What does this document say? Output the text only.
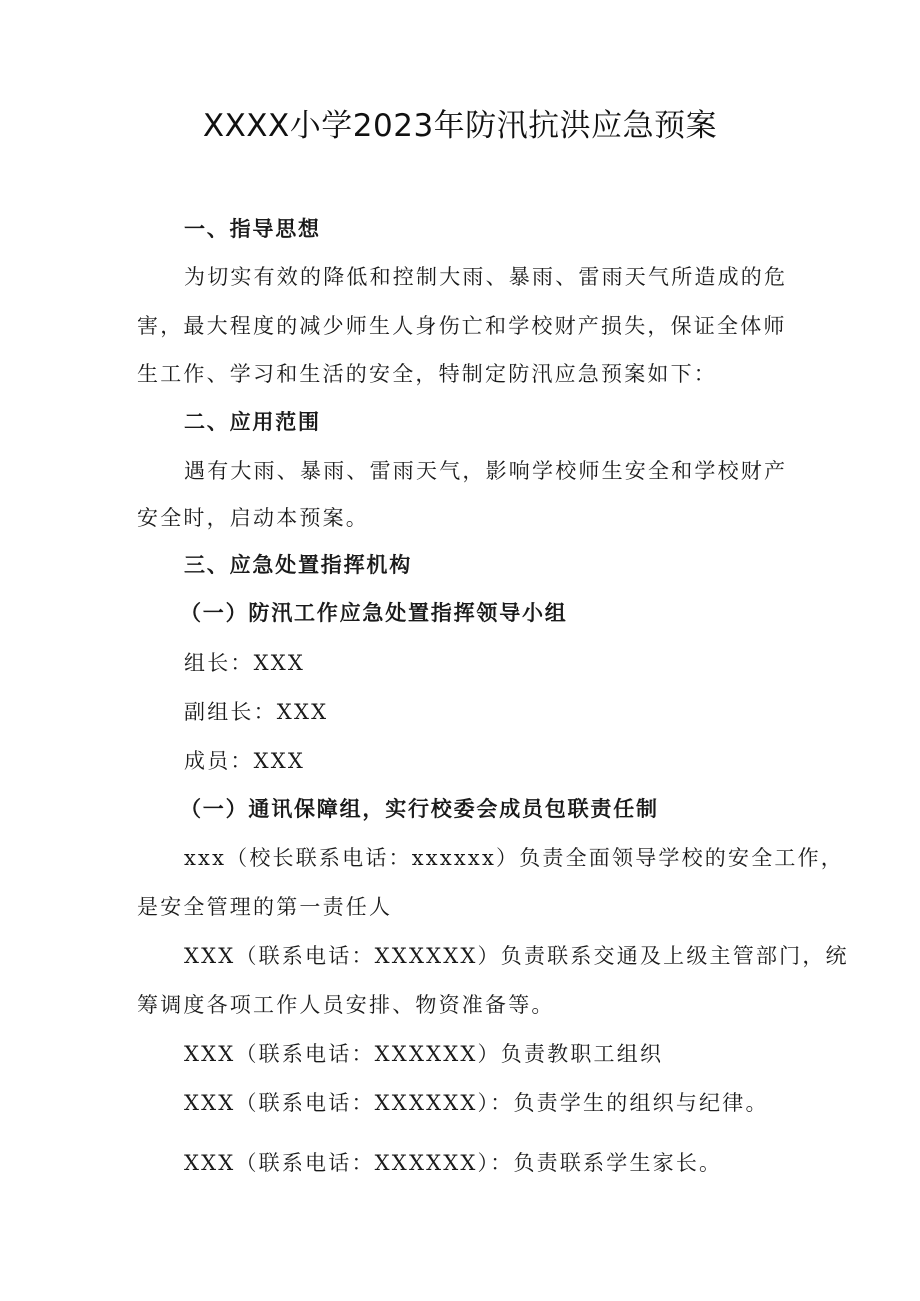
XXXX小学2023年防汛抗洪应急预案
一、指导思想
为切实有效的降低和控制大雨、暴雨、雷雨天气所造成的危
害，最大程度的减少师生人身伤亡和学校财产损失，保证全体师
生工作、学习和生活的安全，特制定防汛应急预案如下：
二、应用范围
遇有大雨、暴雨、雷雨天气，影响学校师生安全和学校财产
安全时，启动本预案。
三、应急处置指挥机构
（一）防汛工作应急处置指挥领导小组
组长：XXX
副组长：XXX
成员：XXX
（一）通讯保障组，实行校委会成员包联责任制
xxx（校长联系电话：xxxxxx）负责全面领导学校的安全工作，
是安全管理的第一责任人
XXX（联系电话：XXXXXX）负责联系交通及上级主管部门，统
筹调度各项工作人员安排、物资准备等。
XXX（联系电话：XXXXXX）负责教职工组织
XXX（联系电话：XXXXXX）：负责学生的组织与纪律。
XXX（联系电话：XXXXXX）：负责联系学生家长。
